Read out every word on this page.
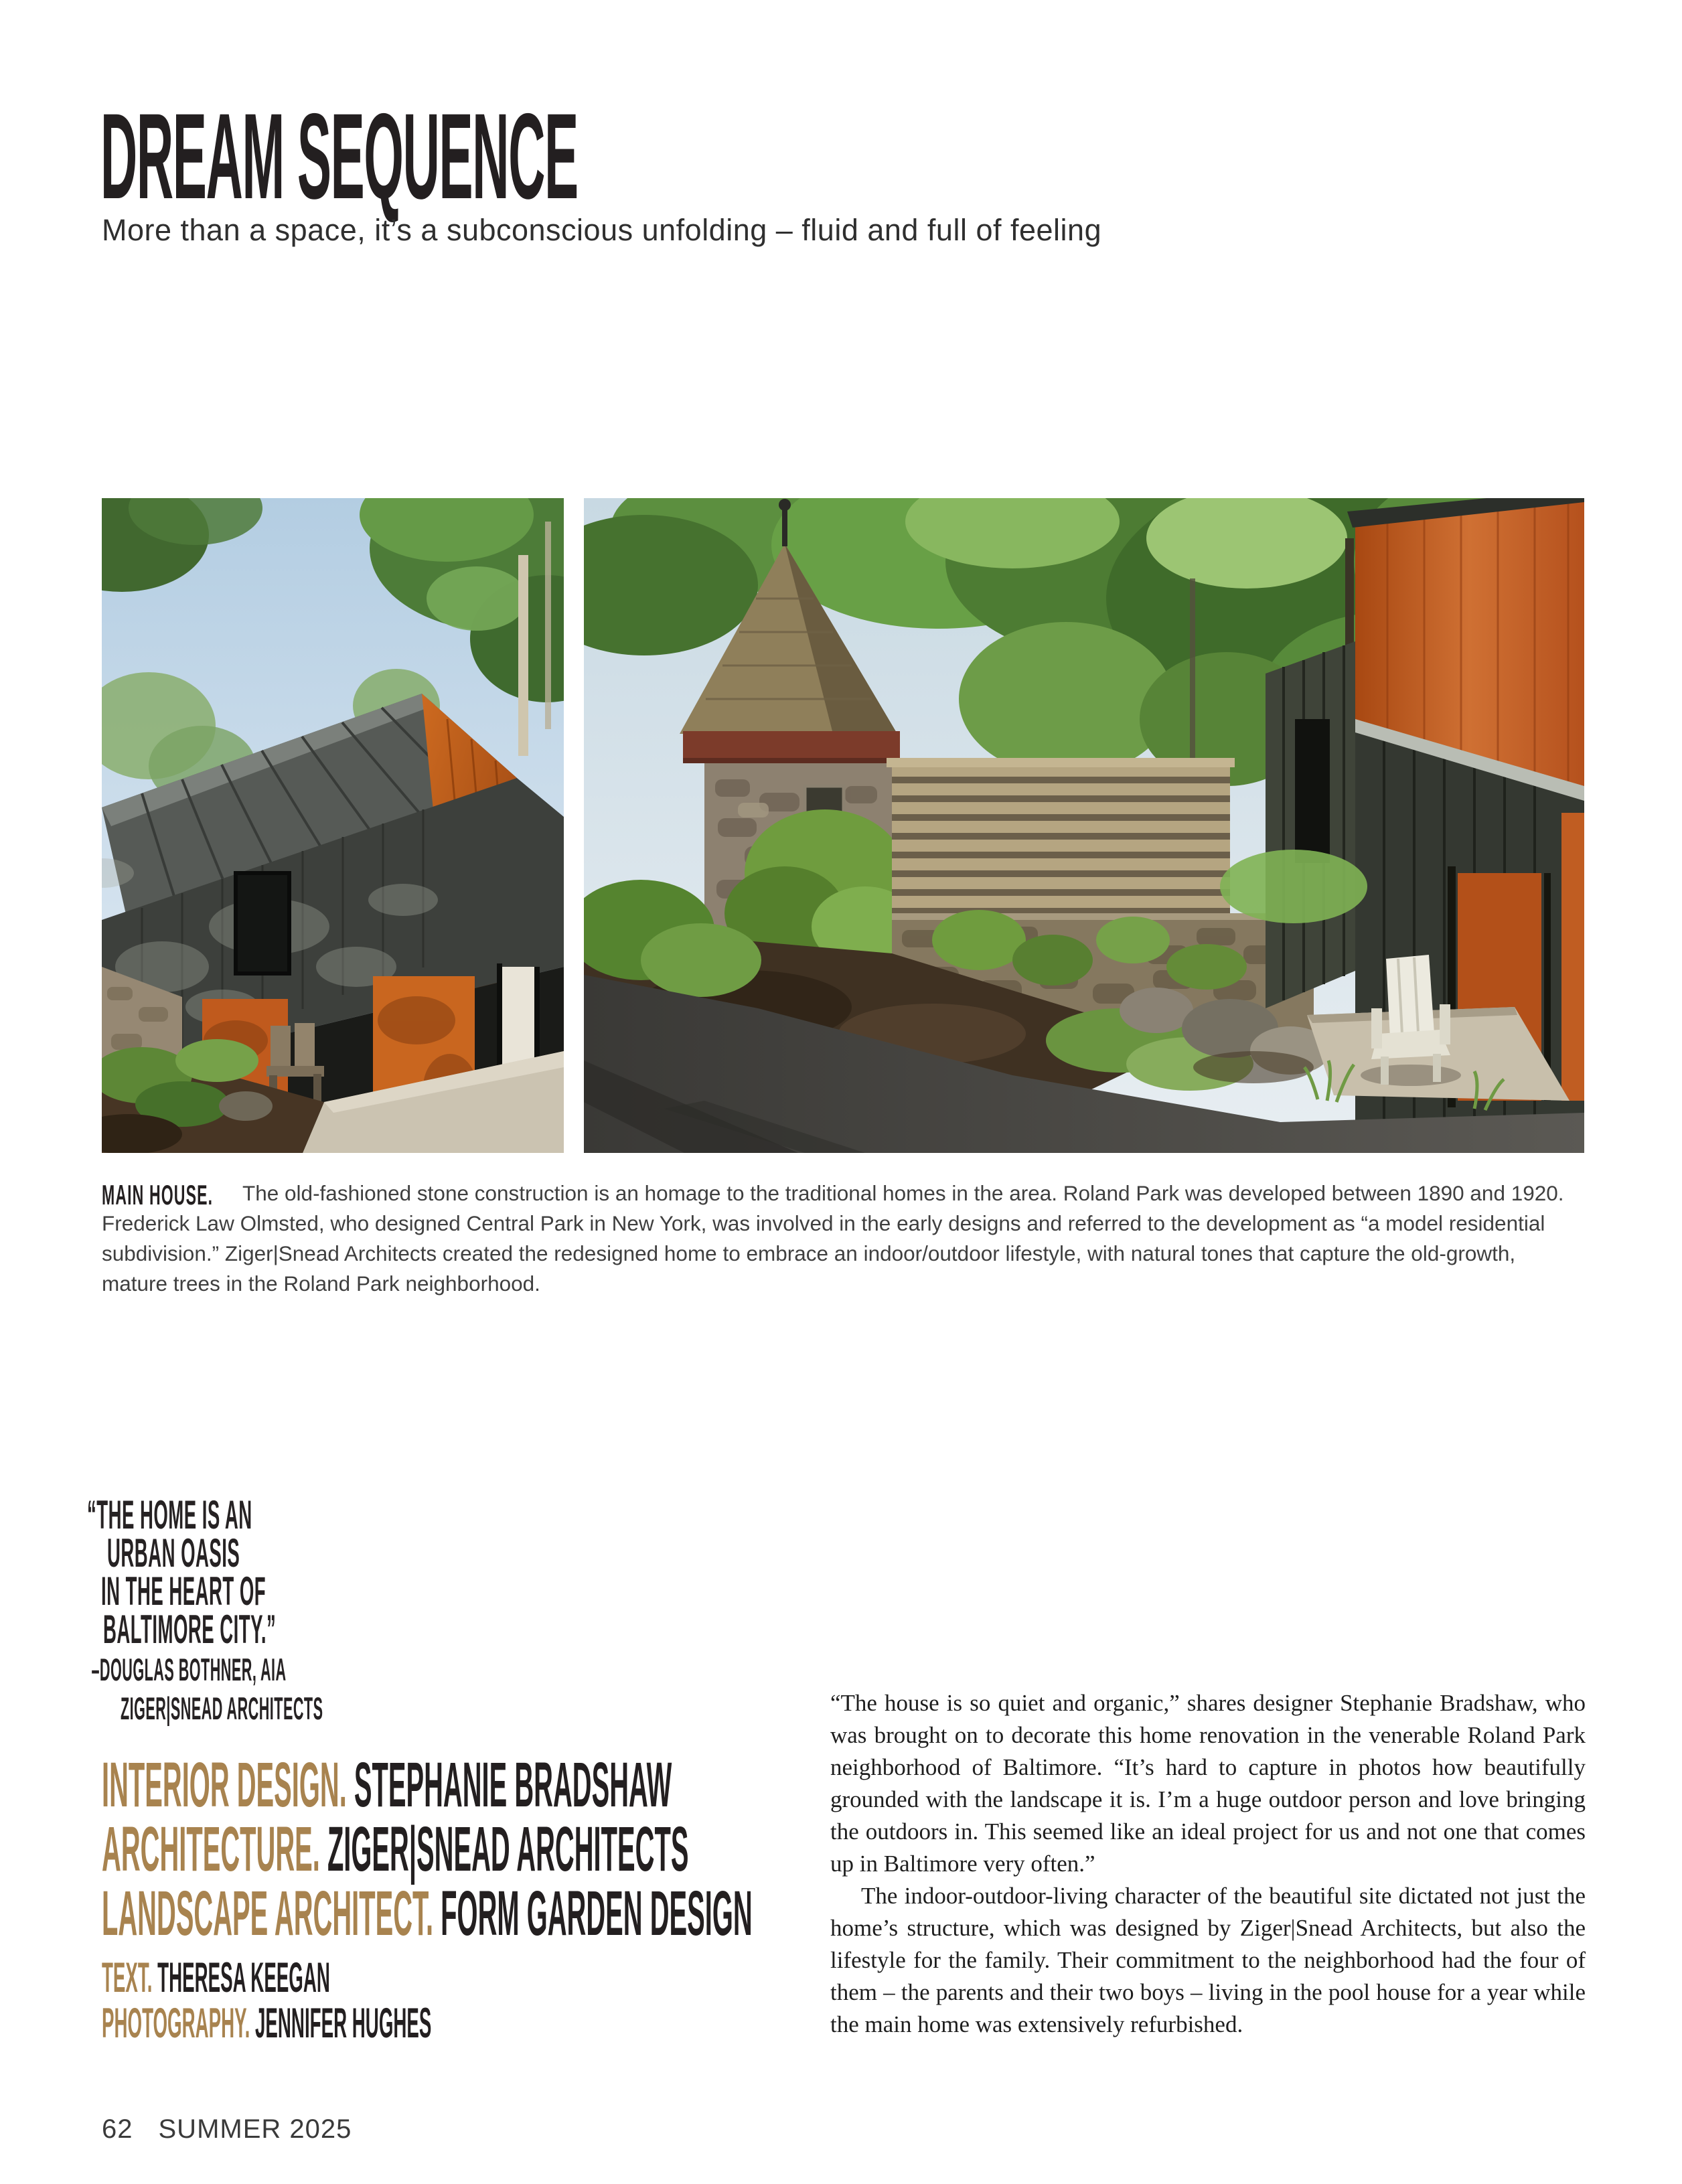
DREAM SEQUENCE
More than a space, it’s a subconscious unfolding – fluid and full of feeling
MAIN HOUSE.	The old-fashioned stone construction is an homage to the traditional homes in the area. Roland Park was developed between 1890 and 1920. Frederick Law Olmsted, who designed Central Park in New York, was involved in the early designs and referred to the development as “a model residential subdivision.” Ziger|Snead Architects created the redesigned home to embrace an indoor/outdoor lifestyle, with natural tones that capture the old-growth, mature trees in the Roland Park neighborhood.
“THE HOME IS AN
URBAN OASIS
IN THE HEART OF
BALTIMORE CITY.”
–DOUGLAS BOTHNER, AIA
ZIGER|SNEAD ARCHITECTS
INTERIOR DESIGN. STEPHANIE BRADSHAW
ARCHITECTURE. ZIGER|SNEAD ARCHITECTS
LANDSCAPE ARCHITECT. FORM GARDEN DESIGN
TEXT. THERESA KEEGAN
PHOTOGRAPHY. JENNIFER HUGHES

“The house is so quiet and organic,” shares designer Stephanie Bradshaw, who was brought on to decorate this home renovation in the venerable Roland Park neighborhood of Baltimore. “It’s hard to capture in photos how beautifully grounded with the landscape it is. I’m a huge outdoor person and love bringing the outdoors in. This seemed like an ideal project for us and not one that comes up in Baltimore very often.”

The indoor-outdoor-living character of the beautiful site dictated not just the home’s structure, which was designed by Ziger|Snead Architects, but also the lifestyle for the family. Their commitment to the neighborhood had the four of them – the parents and their two boys – living in the pool house for a year while the main home was extensively refurbished.

62 SUMMER 2025
